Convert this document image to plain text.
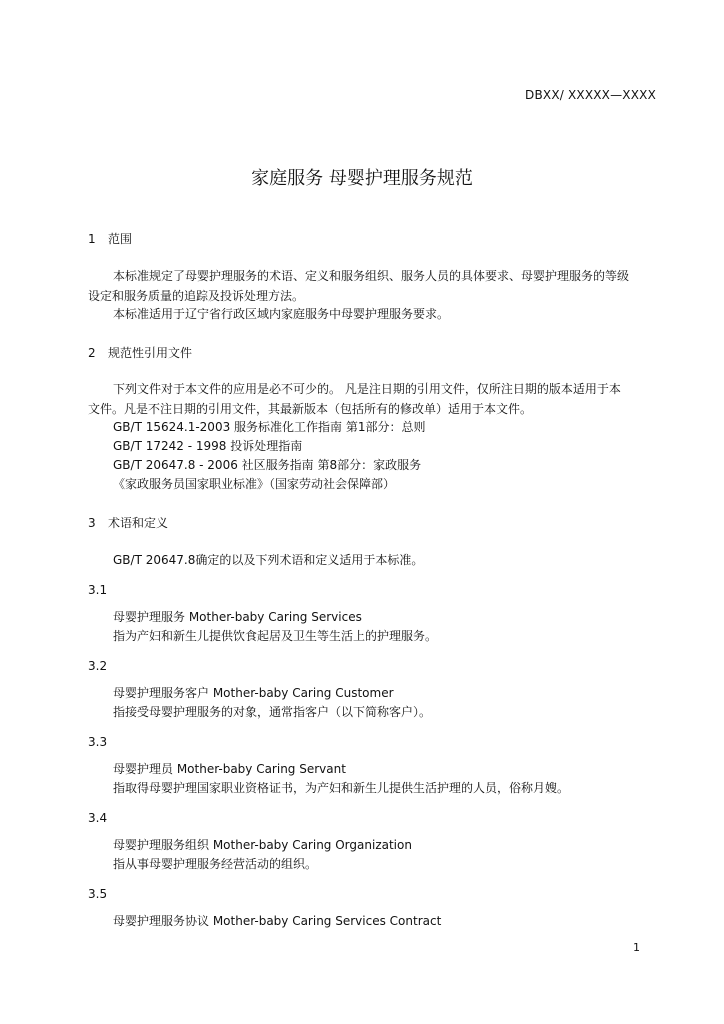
DBXX/ XXXXX—XXXX
家庭服务 母婴护理服务规范
1 范围
本标准规定了母婴护理服务的术语、定义和服务组织、服务人员的具体要求、母婴护理服务的等级
设定和服务质量的追踪及投诉处理方法。
本标准适用于辽宁省行政区域内家庭服务中母婴护理服务要求。
2 规范性引用文件
下列文件对于本文件的应用是必不可少的。 凡是注日期的引用文件，仅所注日期的版本适用于本
文件。凡是不注日期的引用文件，其最新版本（包括所有的修改单）适用于本文件。
GB/T 15624.1-2003 服务标准化工作指南 第1部分：总则
GB/T 17242 - 1998 投诉处理指南
GB/T 20647.8 - 2006 社区服务指南 第8部分：家政服务
《家政服务员国家职业标准》（国家劳动社会保障部）
3 术语和定义
GB/T 20647.8确定的以及下列术语和定义适用于本标准。
3.1
母婴护理服务 Mother-baby Caring Services
指为产妇和新生儿提供饮食起居及卫生等生活上的护理服务。
3.2
母婴护理服务客户 Mother-baby Caring Customer
指接受母婴护理服务的对象，通常指客户（以下简称客户）。
3.3
母婴护理员 Mother-baby Caring Servant
指取得母婴护理国家职业资格证书，为产妇和新生儿提供生活护理的人员，俗称月嫂。
3.4
母婴护理服务组织 Mother-baby Caring Organization
指从事母婴护理服务经营活动的组织。
3.5
母婴护理服务协议 Mother-baby Caring Services Contract
1
